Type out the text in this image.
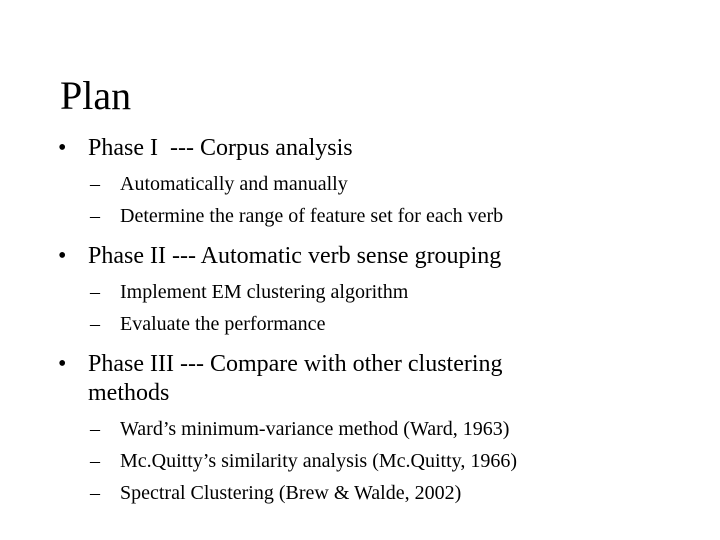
Plan
• Phase I  --- Corpus analysis
– Automatically and manually
– Determine the range of feature set for each verb
• Phase II --- Automatic verb sense grouping
– Implement EM clustering algorithm
– Evaluate the performance
• Phase III --- Compare with other clustering methods
– Ward’s minimum-variance method (Ward, 1963)
– Mc.Quitty’s similarity analysis (Mc.Quitty, 1966)
– Spectral Clustering (Brew & Walde, 2002)
